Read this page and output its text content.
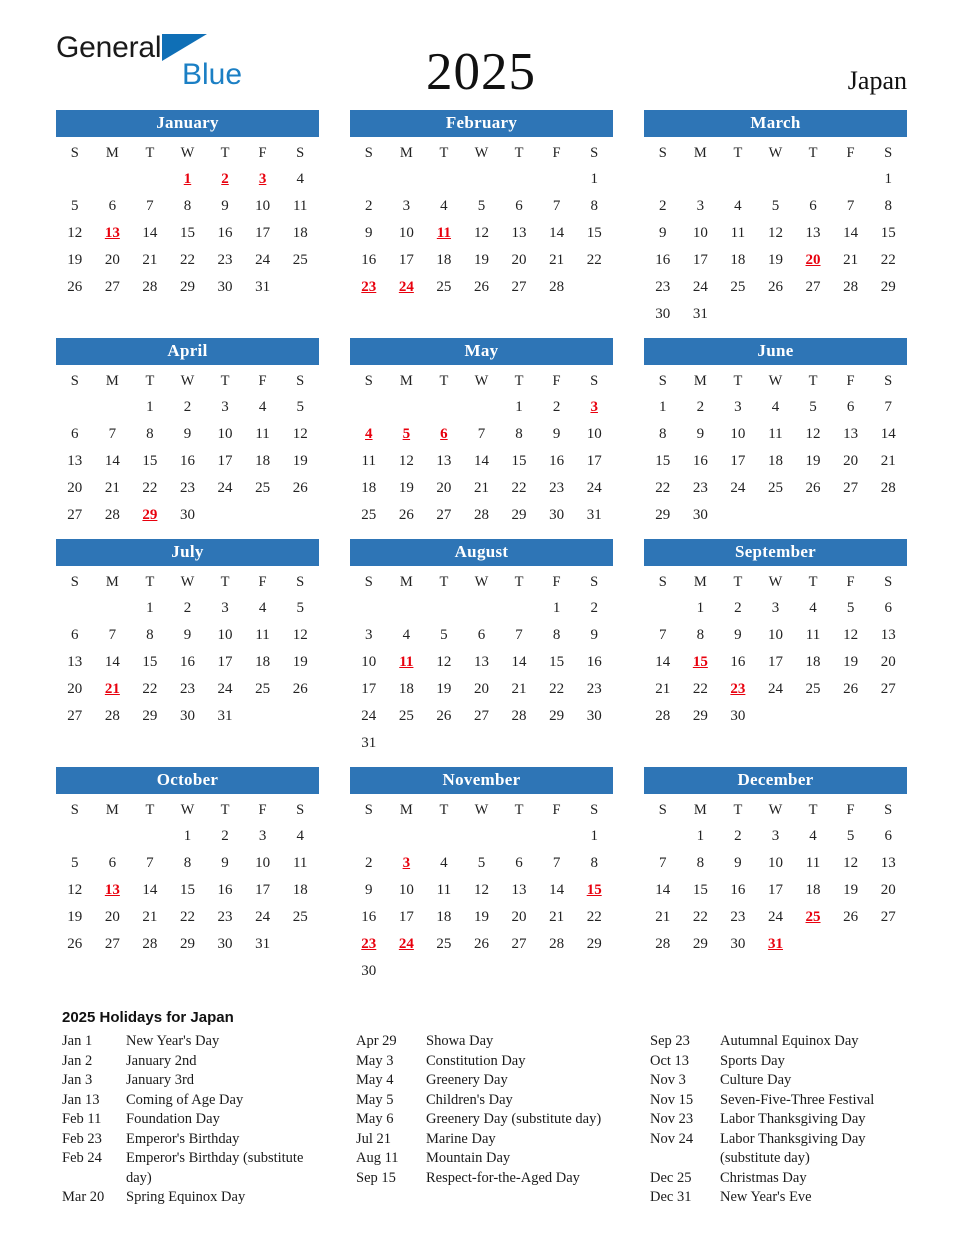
General
Blue	2025	Japan
January
S	M	T	W	T	F	S
			1	2	3	4
5	6	7	8	9	10	11
12	13	14	15	16	17	18
19	20	21	22	23	24	25
26	27	28	29	30	31	
February
S	M	T	W	T	F	S
						1
2	3	4	5	6	7	8
9	10	11	12	13	14	15
16	17	18	19	20	21	22
23	24	25	26	27	28	
March
S	M	T	W	T	F	S
						1
2	3	4	5	6	7	8
9	10	11	12	13	14	15
16	17	18	19	20	21	22
23	24	25	26	27	28	29
30	31					
April
S	M	T	W	T	F	S
		1	2	3	4	5
6	7	8	9	10	11	12
13	14	15	16	17	18	19
20	21	22	23	24	25	26
27	28	29	30			
May
S	M	T	W	T	F	S
				1	2	3
4	5	6	7	8	9	10
11	12	13	14	15	16	17
18	19	20	21	22	23	24
25	26	27	28	29	30	31
June
S	M	T	W	T	F	S
1	2	3	4	5	6	7
8	9	10	11	12	13	14
15	16	17	18	19	20	21
22	23	24	25	26	27	28
29	30					
July
S	M	T	W	T	F	S
		1	2	3	4	5
6	7	8	9	10	11	12
13	14	15	16	17	18	19
20	21	22	23	24	25	26
27	28	29	30	31		
August
S	M	T	W	T	F	S
					1	2
3	4	5	6	7	8	9
10	11	12	13	14	15	16
17	18	19	20	21	22	23
24	25	26	27	28	29	30
31						
September
S	M	T	W	T	F	S
	1	2	3	4	5	6
7	8	9	10	11	12	13
14	15	16	17	18	19	20
21	22	23	24	25	26	27
28	29	30				
October
S	M	T	W	T	F	S
			1	2	3	4
5	6	7	8	9	10	11
12	13	14	15	16	17	18
19	20	21	22	23	24	25
26	27	28	29	30	31	
November
S	M	T	W	T	F	S
						1
2	3	4	5	6	7	8
9	10	11	12	13	14	15
16	17	18	19	20	21	22
23	24	25	26	27	28	29
30						
December
S	M	T	W	T	F	S
	1	2	3	4	5	6
7	8	9	10	11	12	13
14	15	16	17	18	19	20
21	22	23	24	25	26	27
28	29	30	31			
2025 Holidays for Japan
Jan 1 New Year's Day
Jan 2 January 2nd
Jan 3 January 3rd
Jan 13 Coming of Age Day
Feb 11 Foundation Day
Feb 23 Emperor's Birthday
Feb 24 Emperor's Birthday (substitute day)
Mar 20 Spring Equinox Day
Apr 29 Showa Day
May 3 Constitution Day
May 4 Greenery Day
May 5 Children's Day
May 6 Greenery Day (substitute day)
Jul 21 Marine Day
Aug 11 Mountain Day
Sep 15 Respect-for-the-Aged Day
Sep 23 Autumnal Equinox Day
Oct 13 Sports Day
Nov 3 Culture Day
Nov 15 Seven-Five-Three Festival
Nov 23 Labor Thanksgiving Day
Nov 24 Labor Thanksgiving Day (substitute day)
Dec 25 Christmas Day
Dec 31 New Year's Eve
